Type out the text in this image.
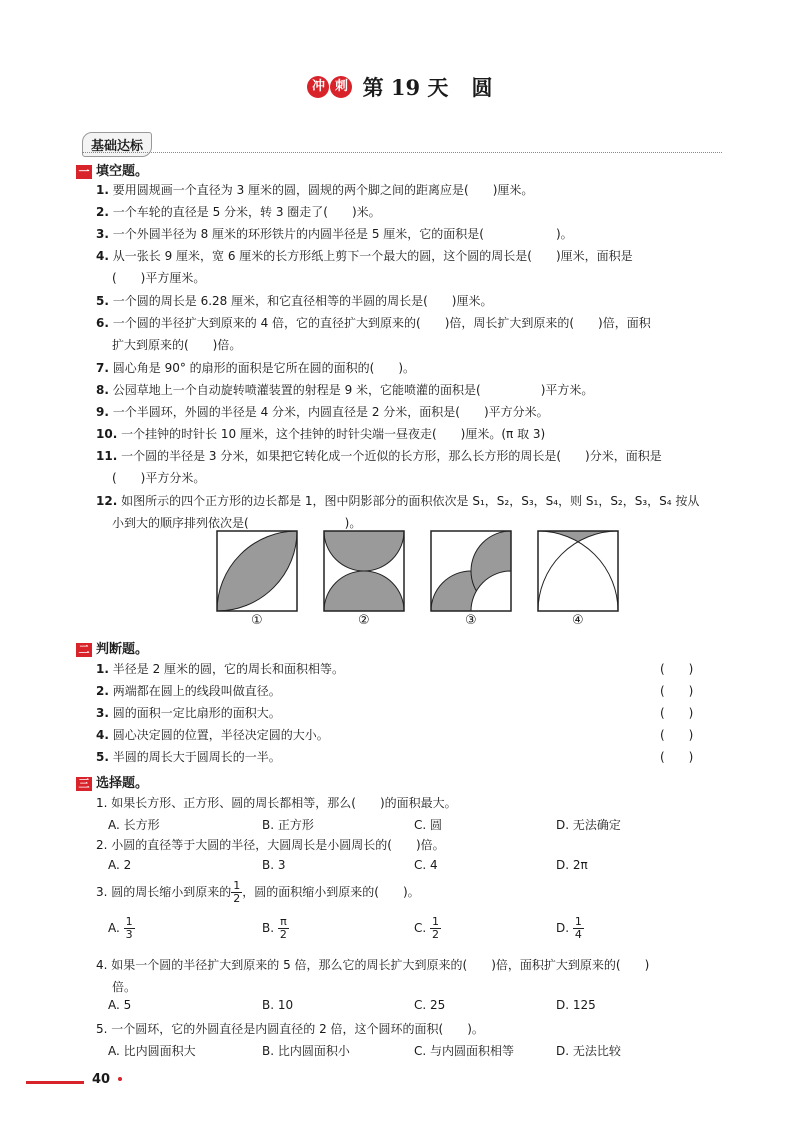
冲 刺 第 19 天 圆
基础达标
一 填空题。
1. 要用圆规画一个直径为 3 厘米的圆，圆规的两个脚之间的距离应是(　　)厘米。
2. 一个车轮的直径是 5 分米，转 3 圈走了(　　)米。
3. 一个外圆半径为 8 厘米的环形铁片的内圆半径是 5 厘米，它的面积是(　　　　　　)。
4. 从一张长 9 厘米，宽 6 厘米的长方形纸上剪下一个最大的圆，这个圆的周长是(　　)厘米，面积是
(　　)平方厘米。
5. 一个圆的周长是 6.28 厘米，和它直径相等的半圆的周长是(　　)厘米。
6. 一个圆的半径扩大到原来的 4 倍，它的直径扩大到原来的(　　)倍，周长扩大到原来的(　　)倍，面积
扩大到原来的(　　)倍。
7. 圆心角是 90° 的扇形的面积是它所在圆的面积的(　　)。
8. 公园草地上一个自动旋转喷灌装置的射程是 9 米，它能喷灌的面积是(　　　　　)平方米。
9. 一个半圆环，外圆的半径是 4 分米，内圆直径是 2 分米，面积是(　　)平方分米。
10. 一个挂钟的时针长 10 厘米，这个挂钟的时针尖端一昼夜走(　　)厘米。(π 取 3)
11. 一个圆的半径是 3 分米，如果把它转化成一个近似的长方形，那么长方形的周长是(　　)分米，面积是
(　　)平方分米。
12. 如图所示的四个正方形的边长都是 1，图中阴影部分的面积依次是 S₁，S₂，S₃，S₄，则 S₁，S₂，S₃，S₄ 按从
小到大的顺序排列依次是(　　　　　　　　)。
①	②	③	④
二 判断题。
1. 半径是 2 厘米的圆，它的周长和面积相等。	(　　)
2. 两端都在圆上的线段叫做直径。	(　　)
3. 圆的面积一定比扇形的面积大。	(　　)
4. 圆心决定圆的位置，半径决定圆的大小。	(　　)
5. 半圆的周长大于圆周长的一半。	(　　)
三 选择题。
1. 如果长方形、正方形、圆的周长都相等，那么(　　)的面积最大。
A. 长方形	B. 正方形	C. 圆	D. 无法确定
2. 小圆的直径等于大圆的半径，大圆周长是小圆周长的(　　)倍。
A. 2	B. 3	C. 4	D. 2π
3. 圆的周长缩小到原来的 $\frac{1}{2}$ ，圆的面积缩小到原来的(　　)。
A. $\frac{1}{3}$	B. $\frac{\pi}{2}$	C. $\frac{1}{2}$	D. $\frac{1}{4}$
4. 如果一个圆的半径扩大到原来的 5 倍，那么它的周长扩大到原来的(　　)倍，面积扩大到原来的(　　)
倍。
A. 5	B. 10	C. 25	D. 125
5. 一个圆环，它的外圆直径是内圆直径的 2 倍，这个圆环的面积(　　)。
A. 比内圆面积大	B. 比内圆面积小	C. 与内圆面积相等	D. 无法比较
40
